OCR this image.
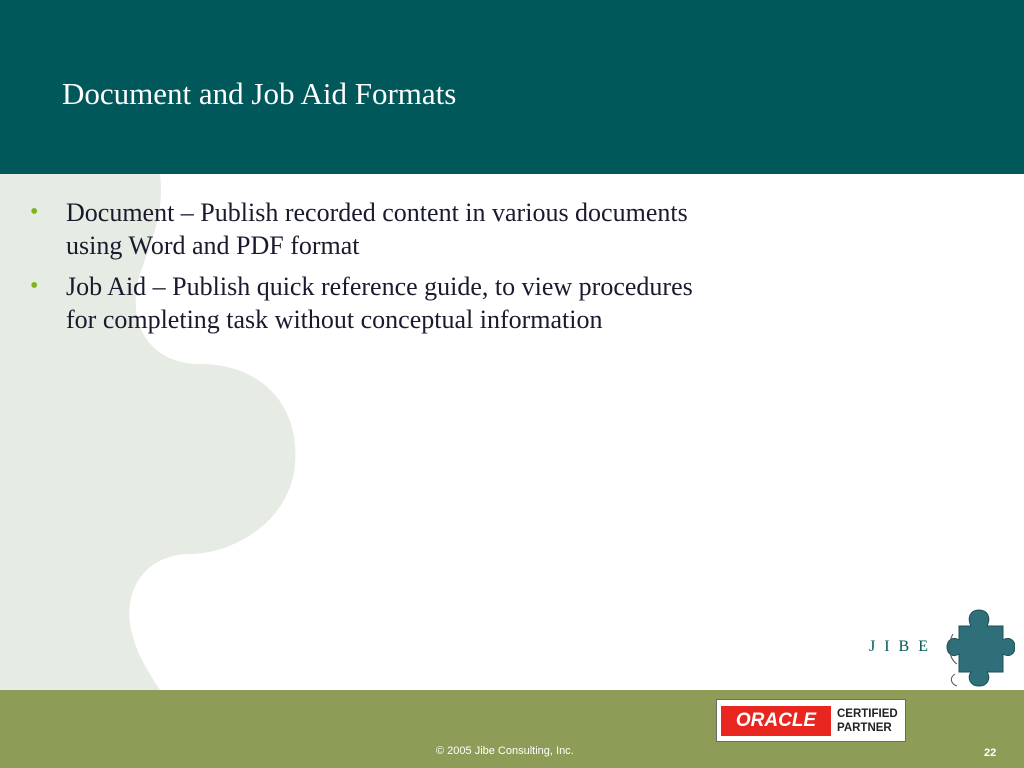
Document and Job Aid Formats
• Document – Publish recorded content in various documents
using Word and PDF format
• Job Aid – Publish quick reference guide, to view procedures
for completing task without conceptual information
JIBE
ORACLE	CERTIFIED
PARTNER
© 2005 Jibe Consulting, Inc.	22
